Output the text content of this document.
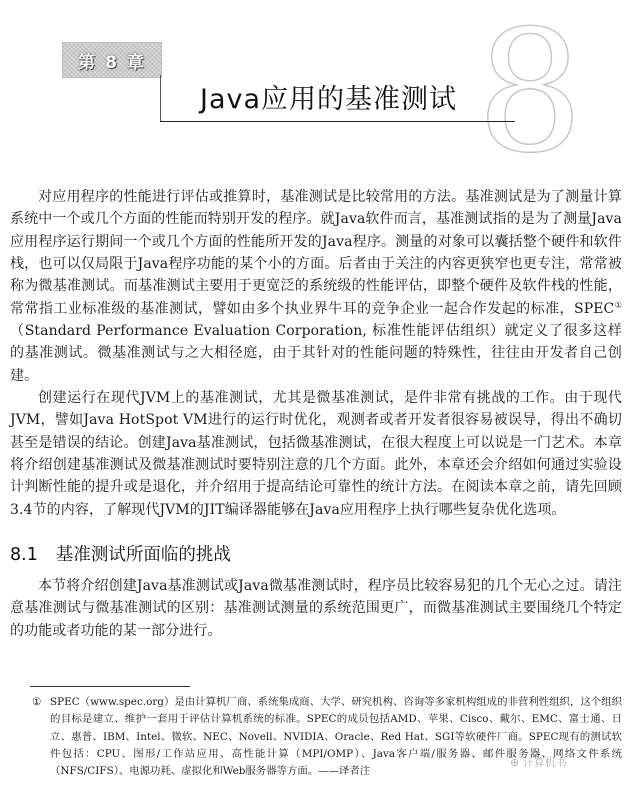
8
第 8 章
Java应用的基准测试

对应用程序的性能进行评估或推算时，基准测试是比较常用的方法。基准测试是为了测量计算系统中一个或几个方面的性能而特别开发的程序。就Java软件而言，基准测试指的是为了测量Java应用程序运行期间一个或几个方面的性能所开发的Java程序。测量的对象可以囊括整个硬件和软件栈，也可以仅局限于Java程序功能的某个小的方面。后者由于关注的内容更狭窄也更专注，常常被称为微基准测试。而基准测试主要用于更宽泛的系统级的性能评估，即整个硬件及软件栈的性能，常常指工业标准级的基准测试，譬如由多个执业界牛耳的竞争企业一起合作发起的标准，SPEC①（Standard Performance Evaluation Corporation, 标准性能评估组织）就定义了很多这样的基准测试。微基准测试与之大相径庭，由于其针对的性能问题的特殊性，往往由开发者自己创建。

创建运行在现代JVM上的基准测试，尤其是微基准测试，是件非常有挑战的工作。由于现代JVM，譬如Java HotSpot VM进行的运行时优化，观测者或者开发者很容易被误导，得出不确切甚至是错误的结论。创建Java基准测试，包括微基准测试，在很大程度上可以说是一门艺术。本章将介绍创建基准测试及微基准测试时要特别注意的几个方面。此外，本章还会介绍如何通过实验设计判断性能的提升或是退化，并介绍用于提高结论可靠性的统计方法。在阅读本章之前，请先回顾3.4节的内容，了解现代JVM的JIT编译器能够在Java应用程序上执行哪些复杂优化选项。

8.1 基准测试所面临的挑战

本节将介绍创建Java基准测试或Java微基准测试时，程序员比较容易犯的几个无心之过。请注意基准测试与微基准测试的区别：基准测试测量的系统范围更广，而微基准测试主要围绕几个特定的功能或者功能的某一部分进行。

① SPEC（www.spec.org）是由计算机厂商、系统集成商、大学、研究机构、咨询等多家机构组成的非营利性组织，这个组织的目标是建立、维护一套用于评估计算机系统的标准。SPEC的成员包括AMD、苹果、Cisco、戴尔、EMC、富士通、日立、惠普、IBM、Intel、微软、NEC、Novell、NVIDIA、Oracle、Red Hat、SGI等软硬件厂商。SPEC现有的测试软件包括：CPU、图形/工作站应用、高性能计算（MPI/OMP）、Java客户端/服务器、邮件服务器、网络文件系统（NFS/CIFS）、电源功耗、虚拟化和Web服务器等方面。——译者注
⊕ 计算机书
